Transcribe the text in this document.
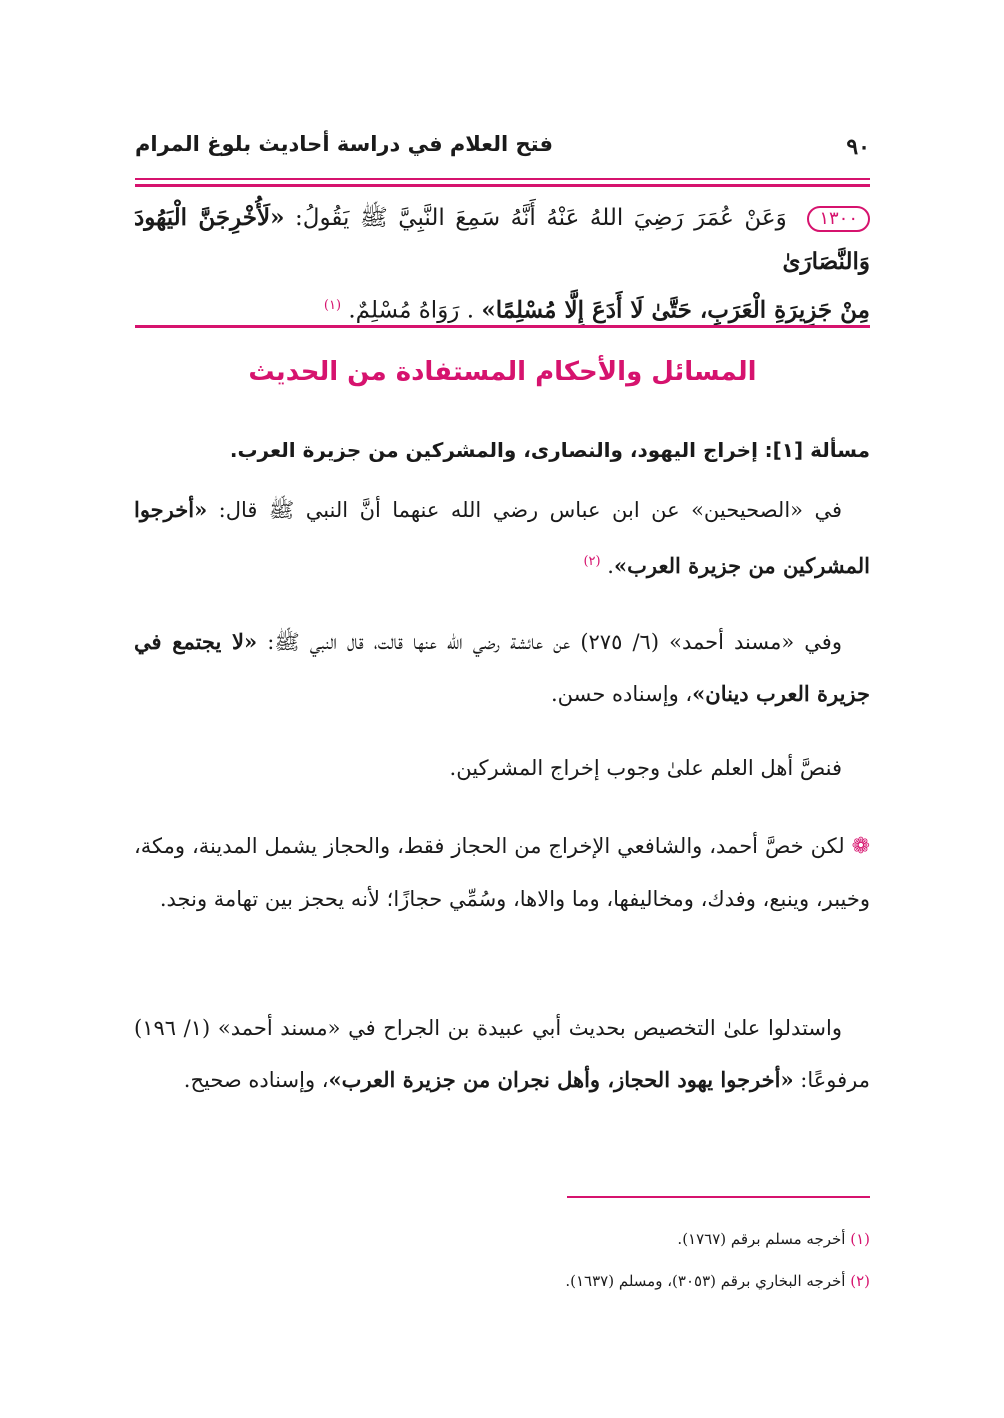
٩٠
فتح العلام في دراسة أحاديث بلوغ المرام
١٣٠٠ وَعَنْ عُمَرَ رَضِيَ اللهُ عَنْهُ أَنَّهُ سَمِعَ النَّبِيَّ ﷺ يَقُولُ: «لَأُخْرِجَنَّ الْيَهُودَ وَالنَّصَارَىٰ
مِنْ جَزِيرَةِ الْعَرَبِ، حَتَّىٰ لَا أَدَعَ إِلَّا مُسْلِمًا» . رَوَاهُ مُسْلِمٌ. $^{(١)}$
المسائل والأحكام المستفادة من الحديث
مسألة [١]: إخراج اليهود، والنصارى، والمشركين من جزيرة العرب.
في «الصحيحين» عن ابن عباس رضي الله عنهما أنَّ النبي ﷺ قال: «أخرجوا المشركين من جزيرة العرب». $^{(٢)}$
وفي «مسند أحمد» (٦/ ٢٧٥) عن عائشة رضي الله عنها قالت، قال النبي ﷺ: «لا يجتمع في جزيرة العرب دينان»، وإسناده حسن.
فنصَّ أهل العلم علىٰ وجوب إخراج المشركين.
❁ لكن خصَّ أحمد، والشافعي الإخراج من الحجاز فقط، والحجاز يشمل المدينة، ومكة، وخيبر، وينبع، وفدك، ومخاليفها، وما والاها، وسُمِّي حجازًا؛ لأنه يحجز بين تهامة ونجد.
واستدلوا علىٰ التخصيص بحديث أبي عبيدة بن الجراح في «مسند أحمد» (١/ ١٩٦) مرفوعًا: «أخرجوا يهود الحجاز، وأهل نجران من جزيرة العرب»، وإسناده صحيح.
(١) أخرجه مسلم برقم (١٧٦٧).
(٢) أخرجه البخاري برقم (٣٠٥٣)، ومسلم (١٦٣٧).
